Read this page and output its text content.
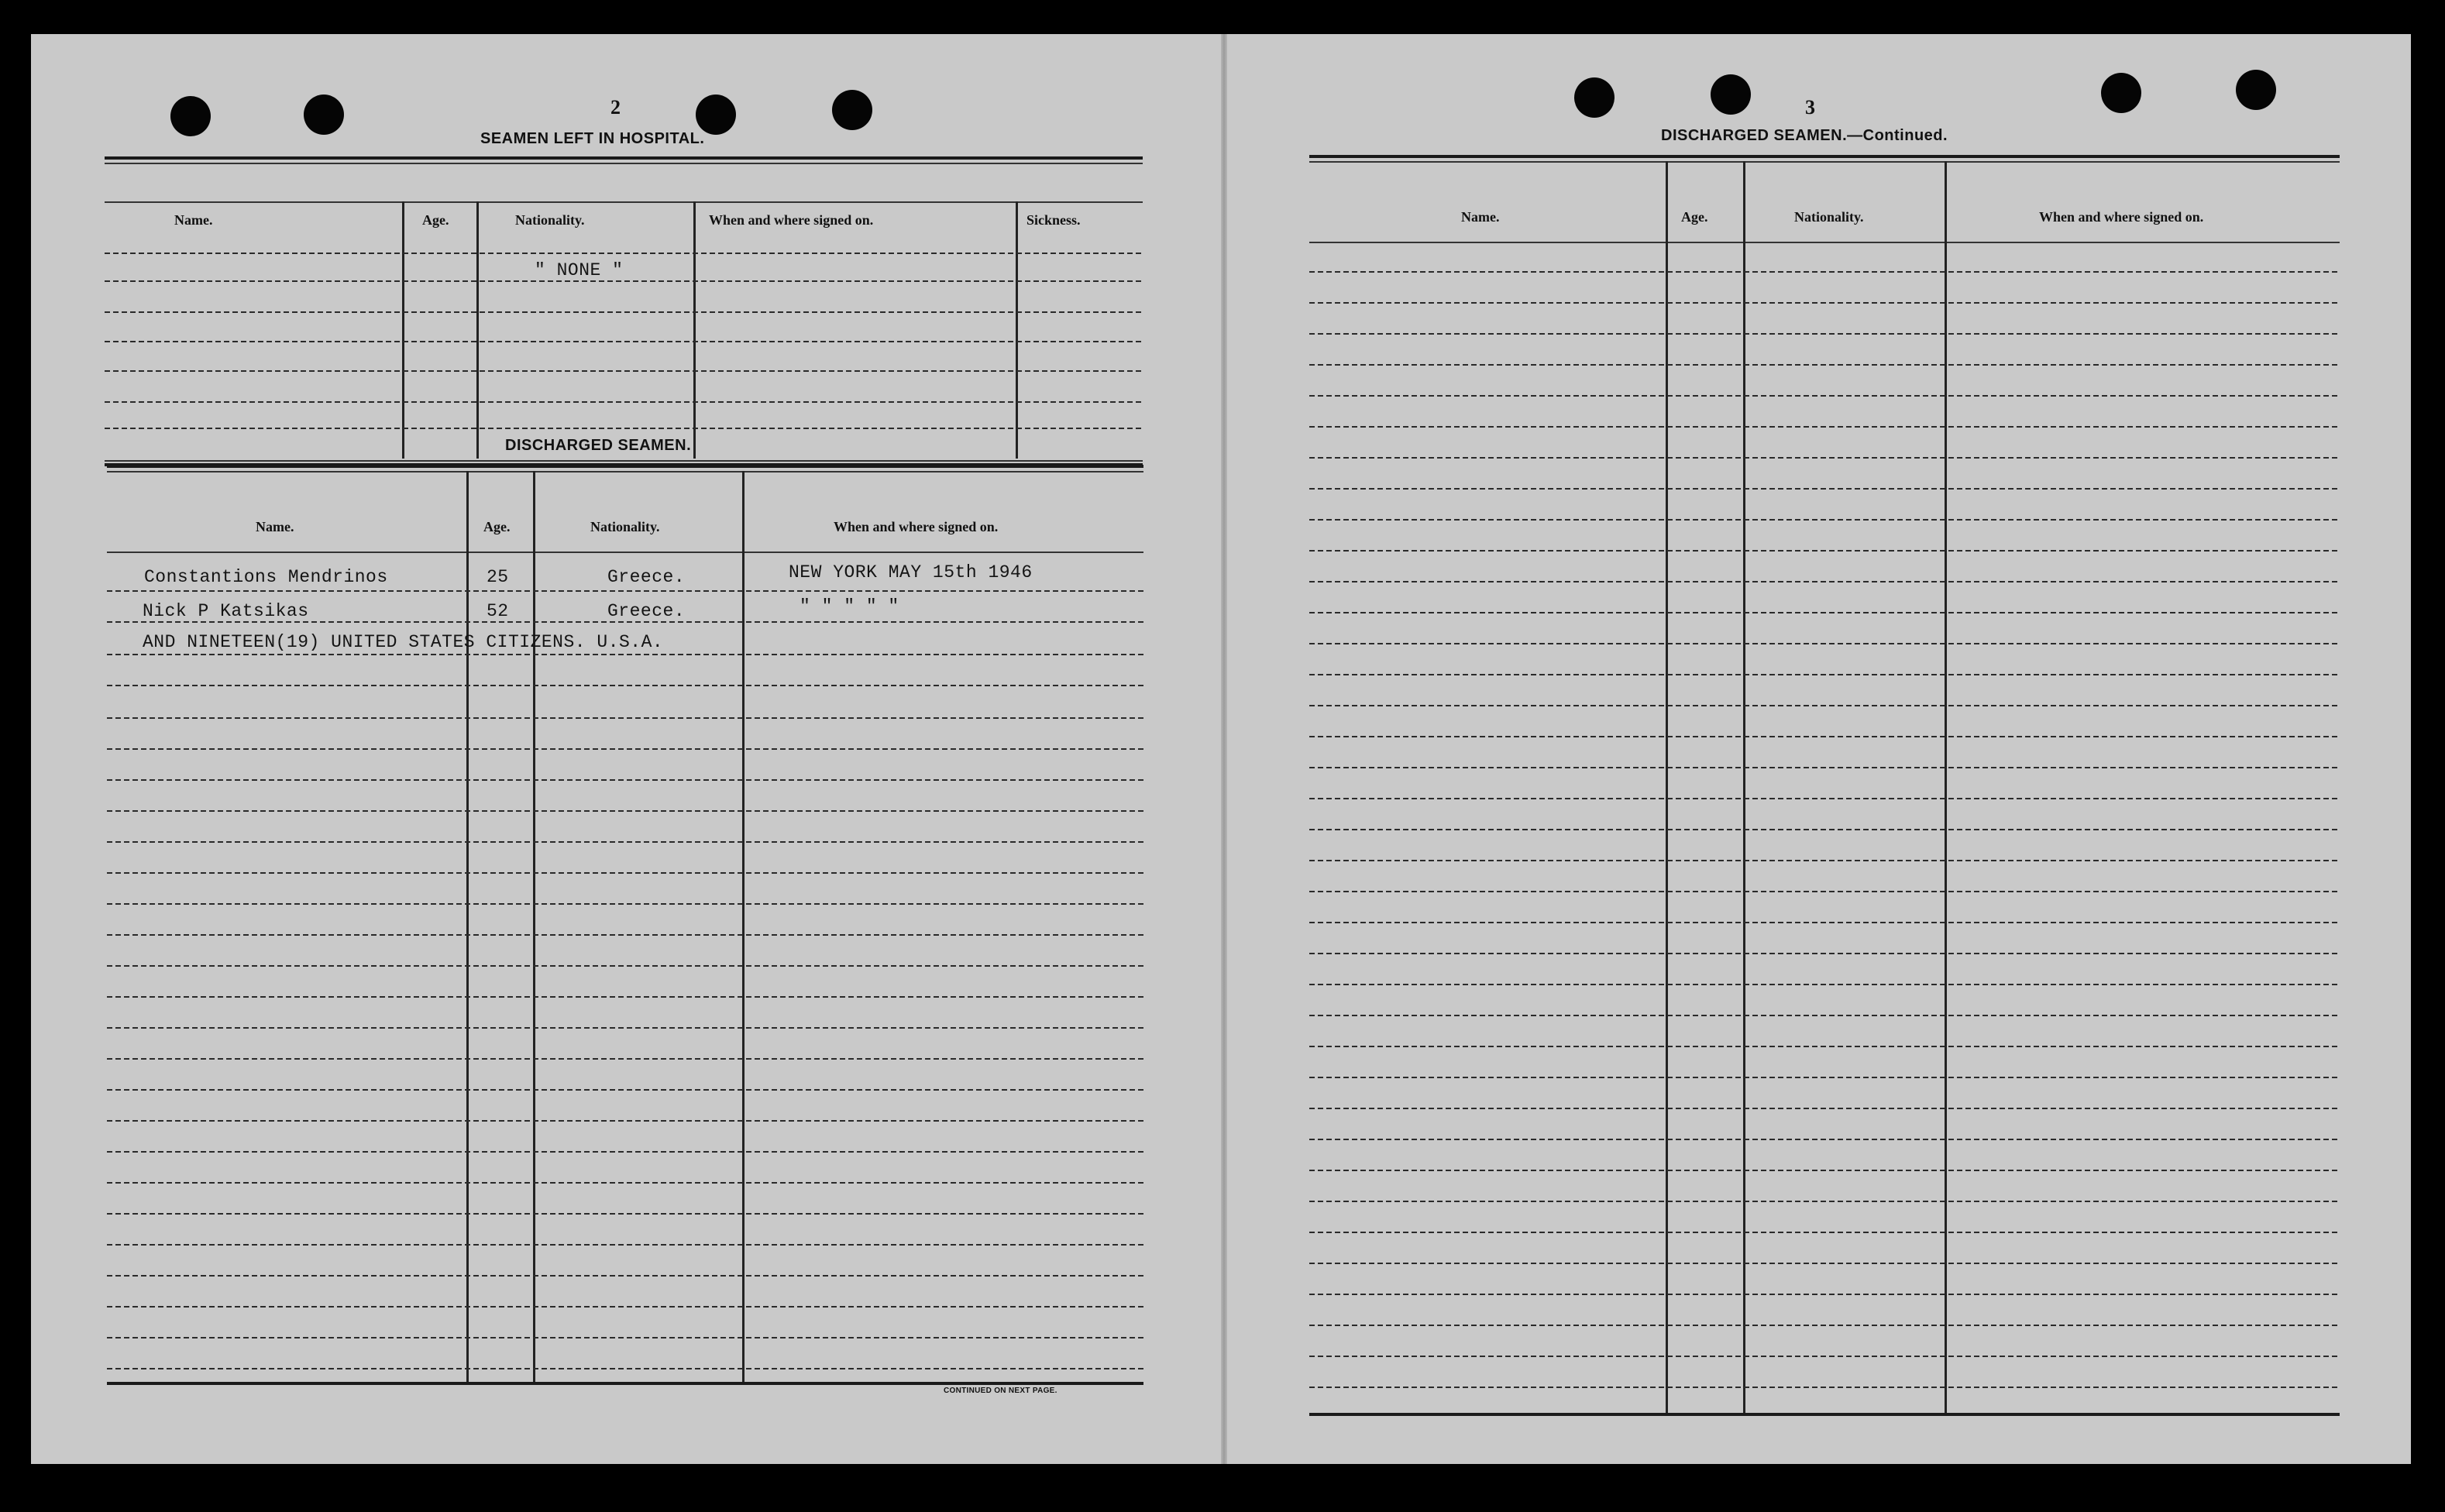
2
SEAMEN LEFT IN HOSPITAL.
Name.	Age.	Nationality.	When and where signed on.	Sickness.
" NONE "
DISCHARGED SEAMEN.
Name.	Age.	Nationality.	When and where signed on.
Constantions Mendrinos	25	Greece.	NEW YORK MAY 15th 1946
Nick P Katsikas	52	Greece.	" " " " "
AND NINETEEN(19) UNITED STATES CITIZENS. U.S.A.
CONTINUED ON NEXT PAGE.
3
DISCHARGED SEAMEN.—Continued.
Name.	Age.	Nationality.	When and where signed on.
